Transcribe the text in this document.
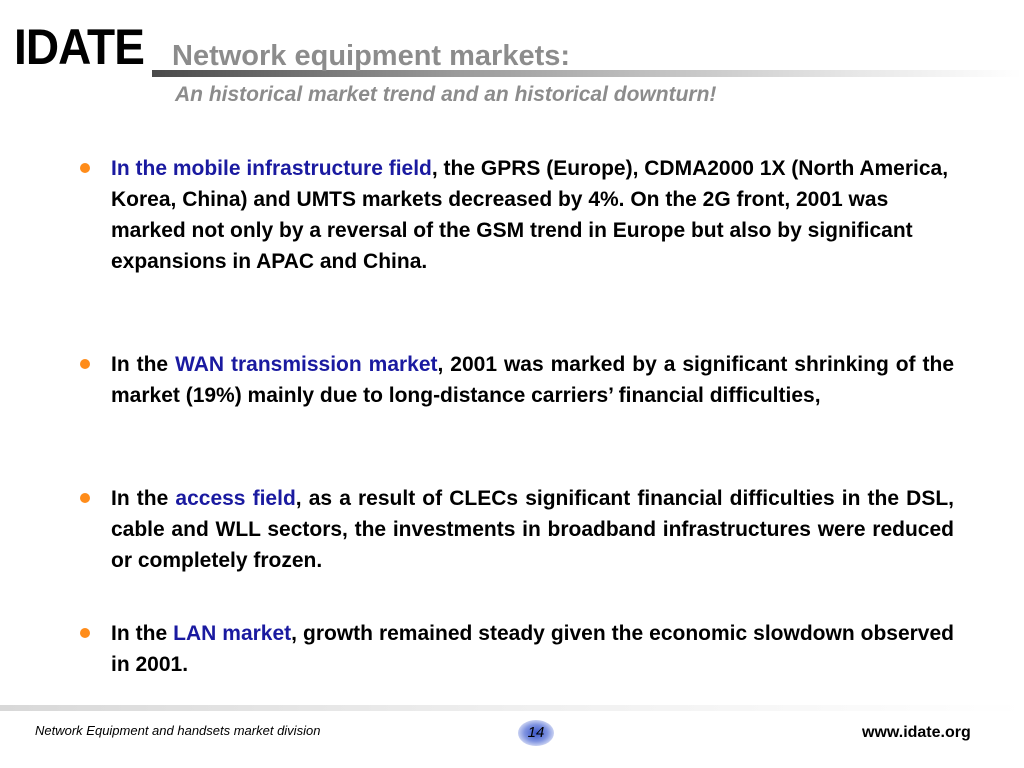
IDATE Network equipment markets:
An historical market trend and an historical downturn!
In the mobile infrastructure field, the GPRS (Europe), CDMA2000 1X (North America, Korea, China) and UMTS markets decreased by 4%. On the 2G front, 2001 was marked not only by a reversal of the GSM trend in Europe but also by significant expansions in APAC and China.
In the WAN transmission market, 2001 was marked by a significant shrinking of the market (19%) mainly due to long-distance carriers’ financial difficulties,
In the access field, as a result of CLECs significant financial difficulties in the DSL, cable and WLL sectors, the investments in broadband infrastructures were reduced or completely frozen.
In the LAN market, growth remained steady given the economic slowdown observed in 2001.
Network Equipment and handsets market division	14	www.idate.org
